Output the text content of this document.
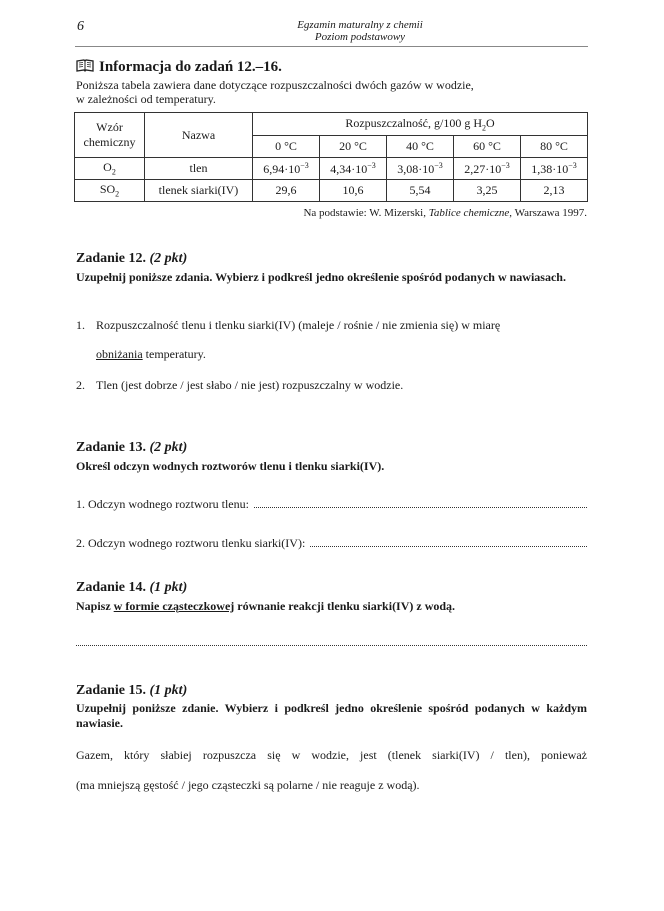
6	Egzamin maturalny z chemii
Poziom podstawowy
Informacja do zadań 12.–16.
Poniższa tabela zawiera dane dotyczące rozpuszczalności dwóch gazów w wodzie,
w zależności od temperatury.
Wzór chemiczny	Nazwa	Rozpuszczalność, g/100 g $H_2O$				
		0 °C	20 °C	40 °C	60 °C	80 °C
$O_2$	tlen	$6,94\cdot 10^{-3}$	$4,34\cdot 10^{-3}$	$3,08\cdot 10^{-3}$	$2,27\cdot 10^{-3}$	$1,38\cdot 10^{-3}$
$SO_2$	tlenek siarki(IV)	29,6	10,6	5,54	3,25	2,13
Na podstawie: W. Mizerski, Tablice chemiczne, Warszawa 1997.
Zadanie 12. (2 pkt)
Uzupełnij poniższe zdania. Wybierz i podkreśl jedno określenie spośród podanych w nawiasach.
1. Rozpuszczalność tlenu i tlenku siarki(IV) (maleje / rośnie / nie zmienia się) w miarę
obniżania temperatury.
2. Tlen (jest dobrze / jest słabo / nie jest) rozpuszczalny w wodzie.
Zadanie 13. (2 pkt)
Określ odczyn wodnych roztworów tlenu i tlenku siarki(IV).
1. Odczyn wodnego roztworu tlenu:
2. Odczyn wodnego roztworu tlenku siarki(IV):
Zadanie 14. (1 pkt)
Napisz w formie cząsteczkowej równanie reakcji tlenku siarki(IV) z wodą.
Zadanie 15. (1 pkt)
Uzupełnij poniższe zdanie. Wybierz i podkreśl jedno określenie spośród podanych w każdym nawiasie.
Gazem, który słabiej rozpuszcza się w wodzie, jest (tlenek siarki(IV) / tlen), ponieważ
(ma mniejszą gęstość / jego cząsteczki są polarne / nie reaguje z wodą).
